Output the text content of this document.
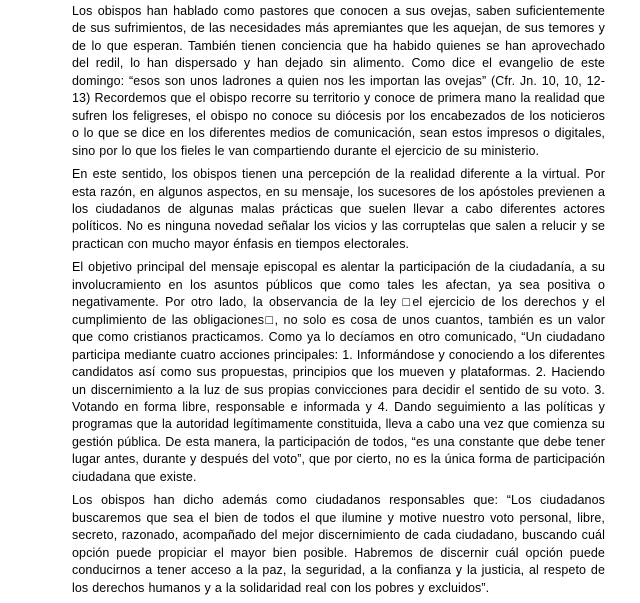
Los obispos han hablado como pastores que conocen a sus ovejas, saben suficientemente de sus sufrimientos, de las necesidades más apremiantes que les aquejan, de sus temores y de lo que esperan. También tienen conciencia que ha habido quienes se han aprovechado del redil, lo han dispersado y han dejado sin alimento. Como dice el evangelio de este domingo: “esos son unos ladrones a quien nos les importan las ovejas” (Cfr. Jn. 10, 10, 12-13) Recordemos que el obispo recorre su territorio y conoce de primera mano la realidad que sufren los feligreses, el obispo no conoce su diócesis por los encabezados de los noticieros o lo que se dice en los diferentes medios de comunicación, sean estos impresos o digitales, sino por lo que los fieles le van compartiendo durante el ejercicio de su ministerio.

En este sentido, los obispos tienen una percepción de la realidad diferente a la virtual. Por esta razón, en algunos aspectos, en su mensaje, los sucesores de los apóstoles previenen a los ciudadanos de algunas malas prácticas que suelen llevar a cabo diferentes actores políticos. No es ninguna novedad señalar los vicios y las corruptelas que salen a relucir y se practican con mucho mayor énfasis en tiempos electorales.

El objetivo principal del mensaje episcopal es alentar la participación de la ciudadanía, a su involucramiento en los asuntos públicos que como tales les afectan, ya sea positiva o negativamente. Por otro lado, la observancia de la ley □el ejercicio de los derechos y el cumplimiento de las obligaciones□, no solo es cosa de unos cuantos, también es un valor que como cristianos practicamos. Como ya lo decíamos en otro comunicado, “Un ciudadano participa mediante cuatro acciones principales: 1. Informándose y conociendo a los diferentes candidatos así como sus propuestas, principios que los mueven y plataformas. 2. Haciendo un discernimiento a la luz de sus propias convicciones para decidir el sentido de su voto. 3. Votando en forma libre, responsable e informada y 4. Dando seguimiento a las políticas y programas que la autoridad legítimamente constituida, lleva a cabo una vez que comienza su gestión pública. De esta manera, la participación de todos, “es una constante que debe tener lugar antes, durante y después del voto”, que por cierto, no es la única forma de participación ciudadana que existe.

Los obispos han dicho además como ciudadanos responsables que: “Los ciudadanos buscaremos que sea el bien de todos el que ilumine y motive nuestro voto personal, libre, secreto, razonado, acompañado del mejor discernimiento de cada ciudadano, buscando cuál opción puede propiciar el mayor bien posible. Habremos de discernir cuál opción puede conducirnos a tener acceso a la paz, la seguridad, a la confianza y la justicia, al respeto de los derechos humanos y a la solidaridad real con los pobres y excluidos”.
